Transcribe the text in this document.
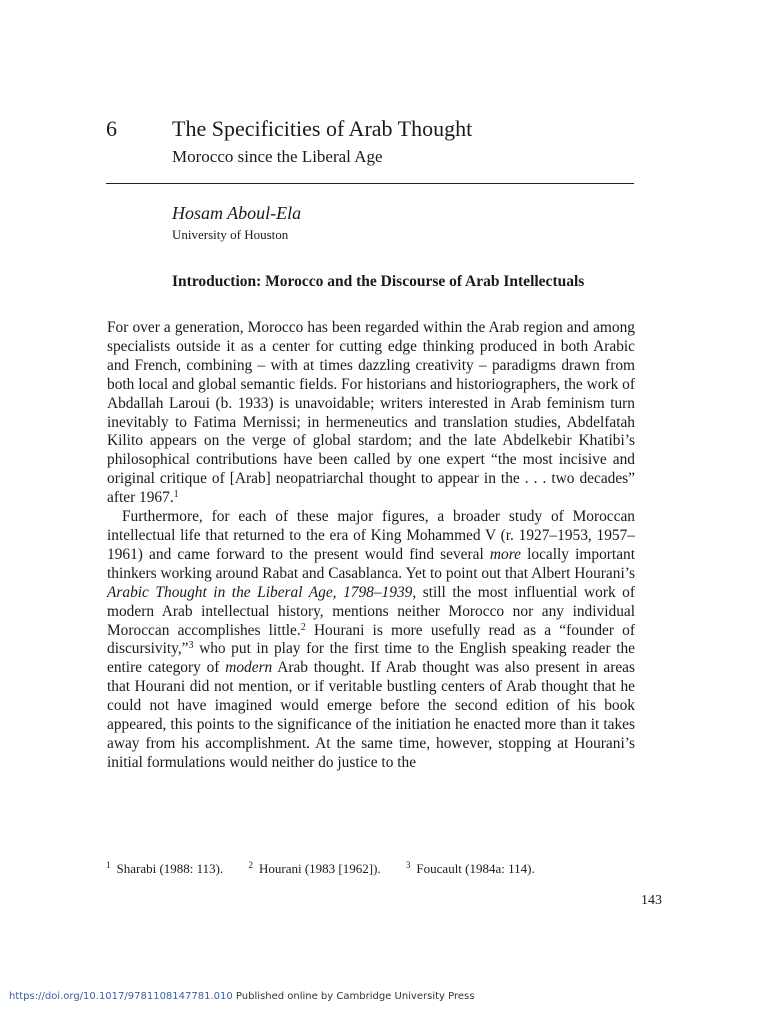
6	The Specificities of Arab Thought
Morocco since the Liberal Age
Hosam Aboul-Ela
University of Houston
Introduction: Morocco and the Discourse of Arab Intellectuals

For over a generation, Morocco has been regarded within the Arab region and among specialists outside it as a center for cutting edge thinking produced in both Arabic and French, combining – with at times dazzling creativity – paradigms drawn from both local and global semantic fields. For historians and historiographers, the work of Abdallah Laroui (b. 1933) is unavoidable; writers interested in Arab feminism turn inevitably to Fatima Mernissi; in hermeneutics and translation studies, Abdelfatah Kilito appears on the verge of global stardom; and the late Abdelkebir Khatibi’s philosophical contributions have been called by one expert “the most incisive and original critique of [Arab] neopatriarchal thought to appear in the . . . two decades” after 1967.$^1$

Furthermore, for each of these major figures, a broader study of Moroccan intellectual life that returned to the era of King Mohammed V (r. 1927–1953, 1957–1961) and came forward to the present would find several more locally important thinkers working around Rabat and Casablanca. Yet to point out that Albert Hourani’s Arabic Thought in the Liberal Age, 1798–1939, still the most influential work of modern Arab intellectual history, mentions neither Morocco nor any individual Moroccan accomplishes little.$^2$ Hourani is more usefully read as a “founder of discursivity,”$^3$ who put in play for the first time to the English speaking reader the entire category of modern Arab thought. If Arab thought was also present in areas that Hourani did not mention, or if veritable bustling centers of Arab thought that he could not have imagined would emerge before the second edition of his book appeared, this points to the significance of the initiation he enacted more than it takes away from his accomplishment. At the same time, however, stopping at Hourani’s initial formulations would neither do justice to the

$^1$ Sharabi (1988: 113).	$^2$ Hourani (1983 [1962]).	$^3$ Foucault (1984a: 114).
143
https://doi.org/10.1017/9781108147781.010 Published online by Cambridge University Press
